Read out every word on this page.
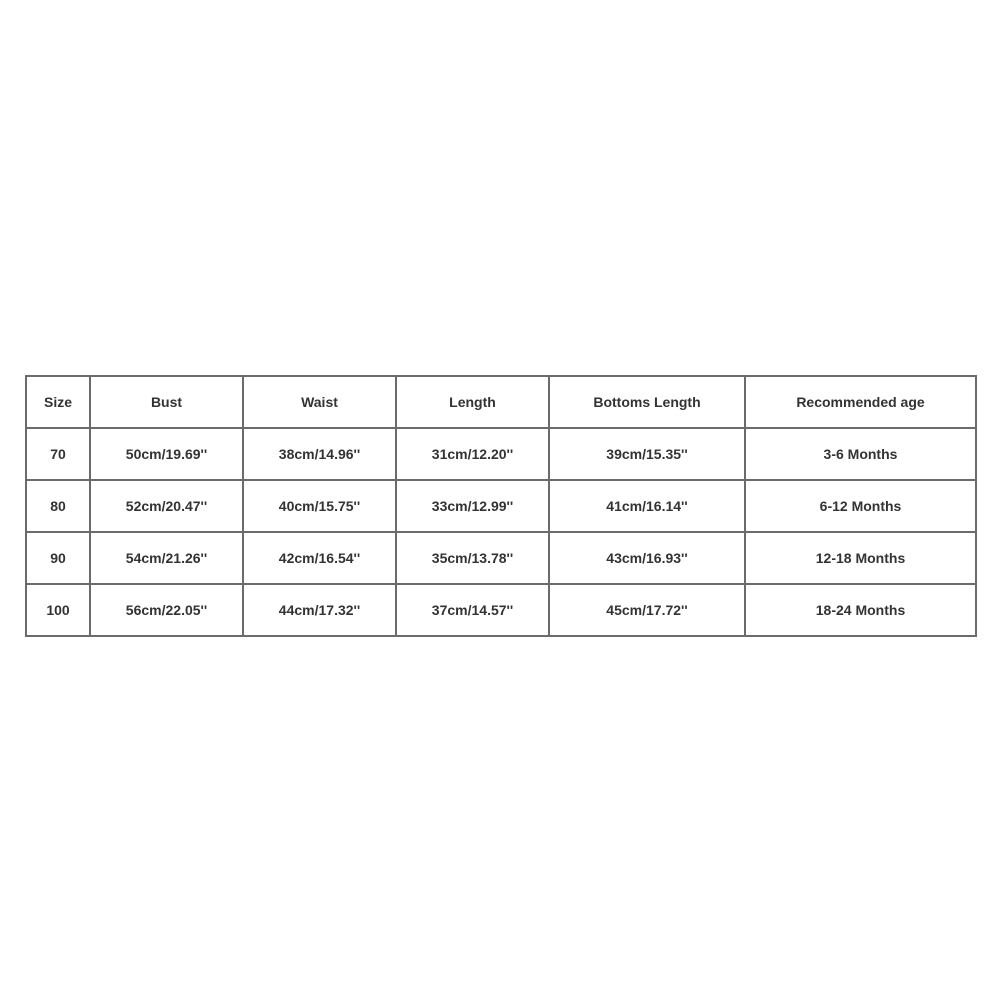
Size	Bust	Waist	Length	Bottoms Length	Recommended age
70	50cm/19.69''	38cm/14.96''	31cm/12.20''	39cm/15.35''	3-6 Months
80	52cm/20.47''	40cm/15.75''	33cm/12.99''	41cm/16.14''	6-12 Months
90	54cm/21.26''	42cm/16.54''	35cm/13.78''	43cm/16.93''	12-18 Months
100	56cm/22.05''	44cm/17.32''	37cm/14.57''	45cm/17.72''	18-24 Months
